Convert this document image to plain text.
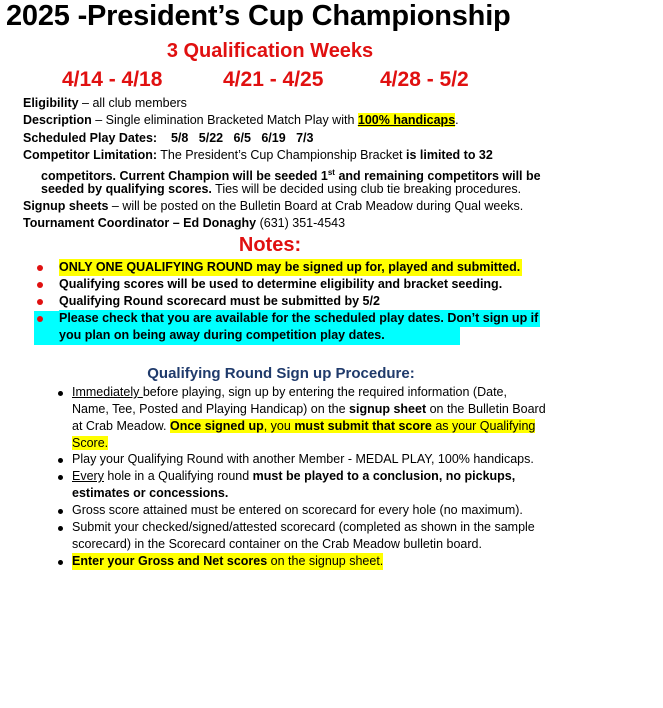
2025 -President’s Cup Championship
3 Qualification Weeks
4/14 - 4/18	4/21 - 4/25	4/28 - 5/2
Eligibility – all club members
Description – Single elimination Bracketed Match Play with 100% handicaps.
Scheduled Play Dates: 5/8   5/22   6/5   6/19   7/3
Competitor Limitation: The President’s Cup Championship Bracket is limited to 32
competitors. Current Champion will be seeded 1st and remaining competitors will be
seeded by qualifying scores. Ties will be decided using club tie breaking procedures.
Signup sheets – will be posted on the Bulletin Board at Crab Meadow during Qual weeks.
Tournament Coordinator – Ed Donaghy (631) 351-4543
Notes:
ONLY ONE QUALIFYING ROUND may be signed up for, played and submitted.
Qualifying scores will be used to determine eligibility and bracket seeding.
Qualifying Round scorecard must be submitted by 5/2
Please check that you are available for the scheduled play dates. Don’t sign up if
you plan on being away during competition play dates.
Qualifying Round Sign up Procedure:
Immediately before playing, sign up by entering the required information (Date,
Name, Tee, Posted and Playing Handicap) on the signup sheet on the Bulletin Board
at Crab Meadow. Once signed up, you must submit that score as your Qualifying
Score.
Play your Qualifying Round with another Member - MEDAL PLAY, 100% handicaps.
Every hole in a Qualifying round must be played to a conclusion, no pickups,
estimates or concessions.
Gross score attained must be entered on scorecard for every hole (no maximum).
Submit your checked/signed/attested scorecard (completed as shown in the sample
scorecard) in the Scorecard container on the Crab Meadow bulletin board.
Enter your Gross and Net scores on the signup sheet.
